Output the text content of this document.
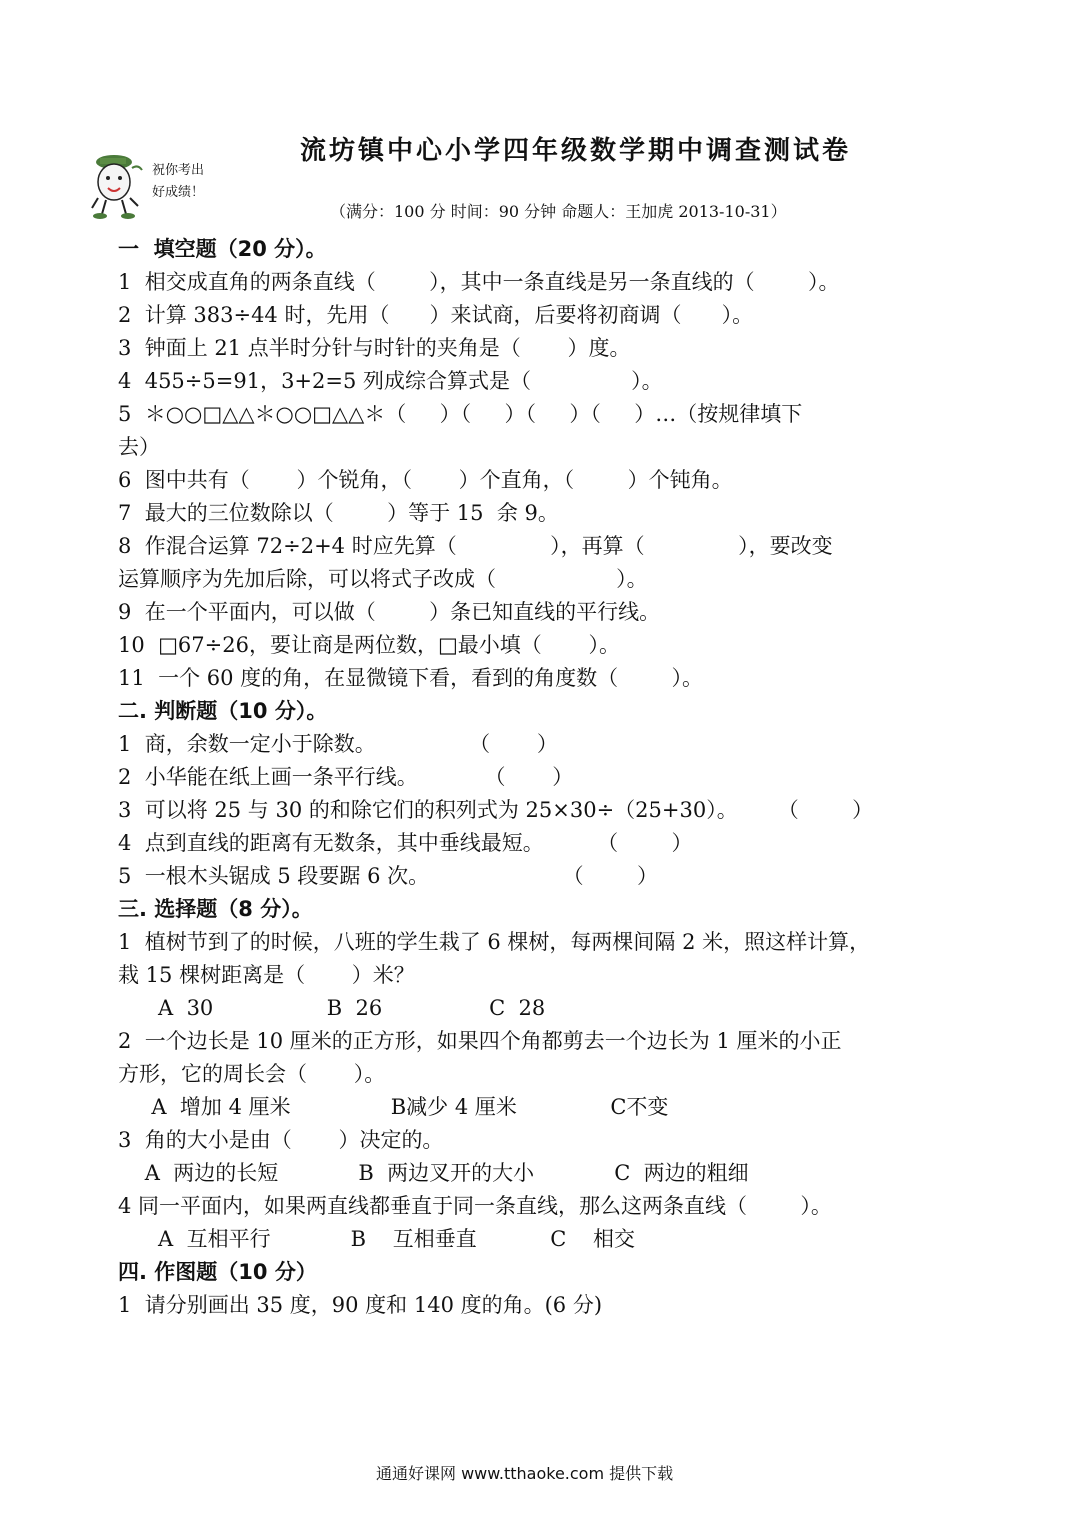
祝你考出
好成绩！
流坊镇中心小学四年级数学期中调查测试卷
（满分：100 分 时间：90 分钟 命题人：王加虎 2013-10-31）
一  填空题（20 分）。
1  相交成直角的两条直线（        ），其中一条直线是另一条直线的（        ）。
2  计算 383÷44 时，先用（      ）来试商，后要将初商调（      ）。
3  钟面上 21 点半时分针与时针的夹角是（       ）度。
4  455÷5=91，3+2=5 列成综合算式是（               ）。
5  ＊○○□△△＊○○□△△＊（     ）（     ）（     ）（     ）…（按规律填下
去）
6  图中共有（       ）个锐角，（       ）个直角，（        ）个钝角。
7  最大的三位数除以（        ）等于 15  余 9。
8  作混合运算 72÷2+4 时应先算（              ），再算（              ），要改变
运算顺序为先加后除，可以将式子改成（                  ）。
9  在一个平面内，可以做（        ）条已知直线的平行线。
10  □67÷26，要让商是两位数，□最小填（       ）。
11  一个 60 度的角，在显微镜下看，看到的角度数（        ）。
二. 判断题（10 分）。
1  商，余数一定小于除数。              （       ）
2  小华能在纸上画一条平行线。          （       ）
3  可以将 25 与 30 的和除它们的积列式为 25×30÷（25+30）。      （        ）
4  点到直线的距离有无数条，其中垂线最短。        （        ）
5  一根木头锯成 5 段要踞 6 次。                    （        ）
三. 选择题（8 分）。
1  植树节到了的时候，八班的学生栽了 6 棵树，每两棵间隔 2 米，照这样计算，
栽 15 棵树距离是（       ）米？
A  30                 B  26                C  28
2  一个边长是 10 厘米的正方形，如果四个角都剪去一个边长为 1 厘米的小正
方形，它的周长会（       ）。
A  增加 4 厘米               B减少 4 厘米              C不变
3  角的大小是由（       ）决定的。
A  两边的长短            B  两边叉开的大小            C  两边的粗细
4 同一平面内，如果两直线都垂直于同一条直线，那么这两条直线（        ）。
A  互相平行            B    互相垂直           C    相交
四. 作图题（10 分）
1  请分别画出 35 度，90 度和 140 度的角。(6 分)
通通好课网 www.tthaoke.com 提供下载
